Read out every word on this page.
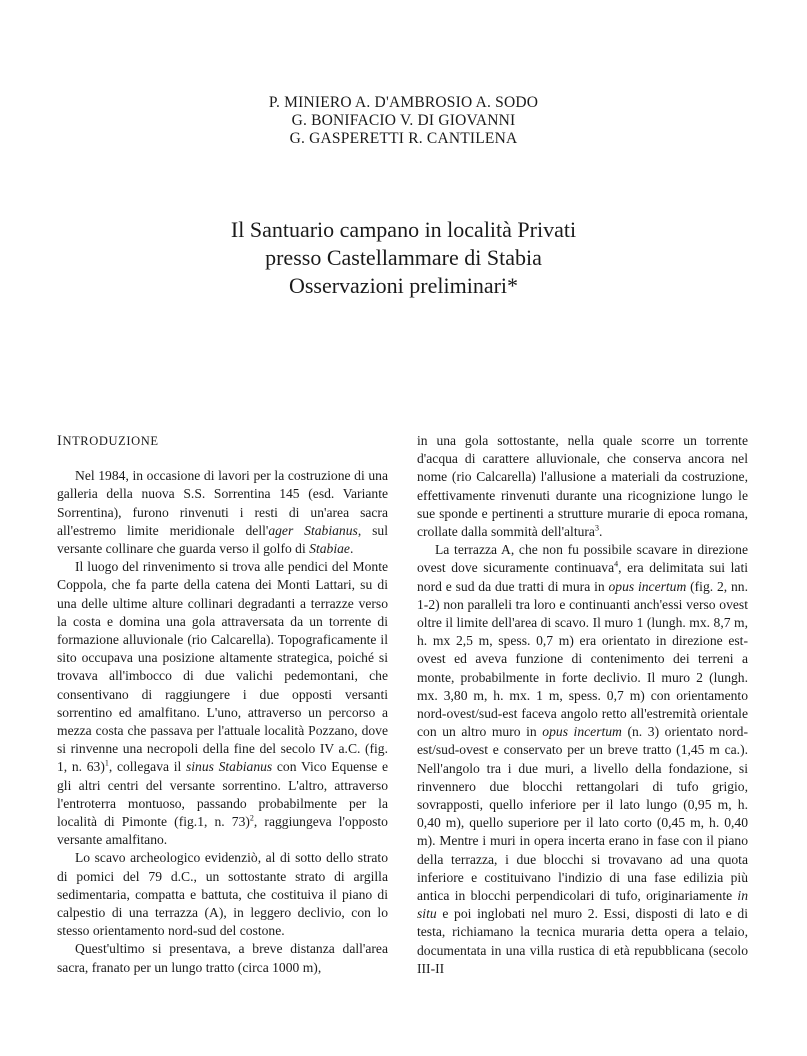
P. MINIERO A. D'AMBROSIO A. SODO
G. BONIFACIO V. DI GIOVANNI
G. GASPERETTI R. CANTILENA
Il Santuario campano in località Privati
presso Castellammare di Stabia
Osservazioni preliminari*
INTRODUZIONE

Nel 1984, in occasione di lavori per la costruzione di una galleria della nuova S.S. Sorrentina 145 (esd. Variante Sorrentina), furono rinvenuti i resti di un'area sacra all'estremo limite meridionale dell'ager Stabianus, sul versante collinare che guarda verso il golfo di Stabiae.

Il luogo del rinvenimento si trova alle pendici del Monte Coppola, che fa parte della catena dei Monti Lattari, su di una delle ultime alture collinari degradanti a terrazze verso la costa e domina una gola attraversata da un torrente di formazione alluvionale (rio Calcarella). Topograficamente il sito occupava una posizione altamente strategica, poiché si trovava all'imbocco di due valichi pedemontani, che consentivano di raggiungere i due opposti versanti sorrentino ed amalfitano. L'uno, attraverso un percorso a mezza costa che passava per l'attuale località Pozzano, dove si rinvenne una necropoli della fine del secolo IV a.C. (fig. 1, n. 63)$^1$, collegava il sinus Stabianus con Vico Equense e gli altri centri del versante sorrentino. L'altro, attraverso l'entroterra montuoso, passando probabilmente per la località di Pimonte (fig.1, n. 73)$^2$, raggiungeva l'opposto versante amalfitano.

Lo scavo archeologico evidenziò, al di sotto dello strato di pomici del 79 d.C., un sottostante strato di argilla sedimentaria, compatta e battuta, che costituiva il piano di calpestio di una terrazza (A), in leggero declivio, con lo stesso orientamento nord-sud del costone.

Quest'ultimo si presentava, a breve distanza dall'area sacra, franato per un lungo tratto (circa 1000 m),

in una gola sottostante, nella quale scorre un torrente d'acqua di carattere alluvionale, che conserva ancora nel nome (rio Calcarella) l'allusione a materiali da costruzione, effettivamente rinvenuti durante una ricognizione lungo le sue sponde e pertinenti a strutture murarie di epoca romana, crollate dalla sommità dell'altura$^3$.

La terrazza A, che non fu possibile scavare in direzione ovest dove sicuramente continuava$^4$, era delimitata sui lati nord e sud da due tratti di mura in opus incertum (fig. 2, nn. 1-2) non paralleli tra loro e continuanti anch'essi verso ovest oltre il limite dell'area di scavo. Il muro 1 (lungh. mx. 8,7 m, h. mx 2,5 m, spess. 0,7 m) era orientato in direzione est-ovest ed aveva funzione di contenimento dei terreni a monte, probabilmente in forte declivio. Il muro 2 (lungh. mx. 3,80 m, h. mx. 1 m, spess. 0,7 m) con orientamento nord-ovest/sud-est faceva angolo retto all'estremità orientale con un altro muro in opus incertum (n. 3) orientato nord-est/sud-ovest e conservato per un breve tratto (1,45 m ca.). Nell'angolo tra i due muri, a livello della fondazione, si rinvennero due blocchi rettangolari di tufo grigio, sovrapposti, quello inferiore per il lato lungo (0,95 m, h. 0,40 m), quello superiore per il lato corto (0,45 m, h. 0,40 m). Mentre i muri in opera incerta erano in fase con il piano della terrazza, i due blocchi si trovavano ad una quota inferiore e costituivano l'indizio di una fase edilizia più antica in blocchi perpendicolari di tufo, originariamente in situ e poi inglobati nel muro 2. Essi, disposti di lato e di testa, richiamano la tecnica muraria detta opera a telaio, documentata in una villa rustica di età repubblicana (secolo III-II
